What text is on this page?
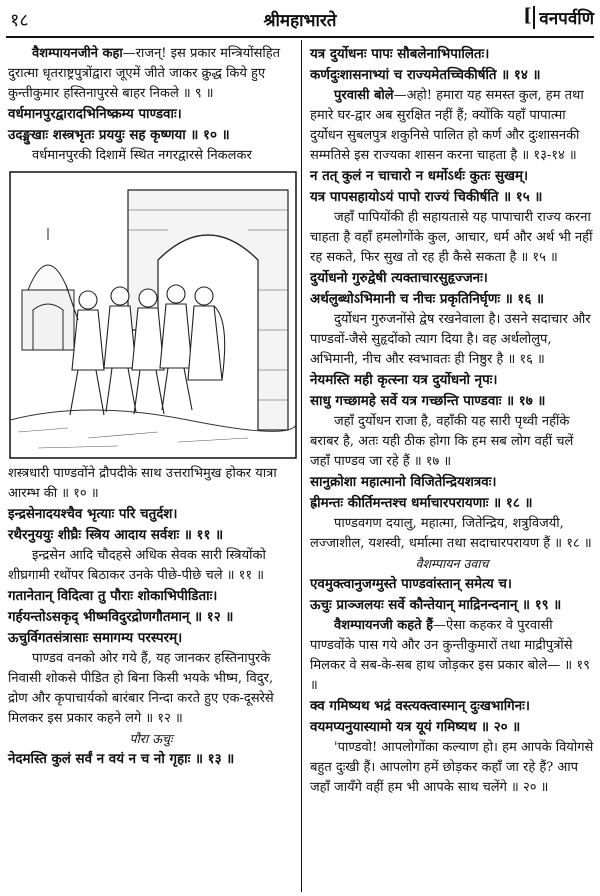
१८	श्रीमहाभारते
[	वनपर्वणि

वैशम्पायनजीने कहा—राजन्! इस प्रकार मन्त्रियोंसहित दुरात्मा धृतराष्ट्रपुत्रोंद्वारा जूएमें जीते जाकर क्रुद्ध किये हुए कुन्तीकुमार हस्तिनापुरसे बाहर निकले ॥ ९ ॥

वर्धमानपुरद्वारादभिनिष्क्रम्य पाण्डवाः।

उदङ्मुखाः शस्त्रभृतः प्रययुः सह कृष्णया ॥ १० ॥

वर्धमानपुरकी दिशामें स्थित नगरद्वारसे निकलकर

शस्त्रधारी पाण्डवोंने द्रौपदीके साथ उत्तराभिमुख होकर यात्रा आरम्भ की ॥ १० ॥

इन्द्रसेनादयश्चैव भृत्याः परि चतुर्दश।

रथैरनुययुः शीघ्रैः स्त्रिय आदाय सर्वशः ॥ ११ ॥

इन्द्रसेन आदि चौदहसे अधिक सेवक सारी स्त्रियोंको शीघ्रगामी रथोंपर बिठाकर उनके पीछे-पीछे चले ॥ ११ ॥

गतानेतान् विदित्वा तु पौराः शोकाभिपीडिताः।

गर्हयन्तोऽसकृद् भीष्मविदुरद्रोणगौतमान् ॥ १२ ॥

ऊचुर्विगतसंत्रासाः समागम्य परस्परम्।

पाण्डव वनको ओर गये हैं, यह जानकर हस्तिनापुरके निवासी शोकसे पीडित हो बिना किसी भयके भीष्म, विदुर, द्रोण और कृपाचार्यको बारंबार निन्दा करते हुए एक-दूसरेसे मिलकर इस प्रकार कहने लगे ॥ १२ ॥

पौरा ऊचुः

नेदमस्ति कुलं सर्वं न वयं न च नो गृहाः ॥ १३ ॥

यत्र दुर्योधनः पापः सौबलेनाभिपालितः।

कर्णदुःशासनाभ्यां च राज्यमेतच्चिकीर्षति ॥ १४ ॥

पुरवासी बोले—अहो! हमारा यह समस्त कुल, हम तथा हमारे घर-द्वार अब सुरक्षित नहीं हैं; क्योंकि यहाँ पापात्मा दुर्योधन सुबलपुत्र शकुनिसे पालित हो कर्ण और दुःशासनकी सम्मतिसे इस राज्यका शासन करना चाहता है ॥ १३-१४ ॥

न तत् कुलं न चाचारो न धर्मोऽर्थः कुतः सुखम्।

यत्र पापसहायोऽयं पापो राज्यं चिकीर्षति ॥ १५ ॥

जहाँ पापियोंकी ही सहायतासे यह पापाचारी राज्य करना चाहता है वहाँ हमलोगोंके कुल, आचार, धर्म और अर्थ भी नहीं रह सकते, फिर सुख तो रह ही कैसे सकता है ॥ १५ ॥

दुर्योधनो गुरुद्वेषी त्यक्ताचारसुहृज्जनः।

अर्थलुब्धोऽभिमानी च नीचः प्रकृतिनिर्घृणः ॥ १६ ॥

दुर्योधन गुरुजनोंसे द्वेष रखनेवाला है। उसने सदाचार और पाण्डवों-जैसे सुहृदोंको त्याग दिया है। वह अर्थलोलुप, अभिमानी, नीच और स्वभावतः ही निष्ठुर है ॥ १६ ॥

नेयमस्ति मही कृत्स्ना यत्र दुर्योधनो नृपः।

साधु गच्छामहे सर्वे यत्र गच्छन्ति पाण्डवाः ॥ १७ ॥

जहाँ दुर्योधन राजा है, वहाँकी यह सारी पृथ्वी नहींके बराबर है, अतः यही ठीक होगा कि हम सब लोग वहीं चलें जहाँ पाण्डव जा रहे हैं ॥ १७ ॥

सानुक्रोशा महात्मानो विजितेन्द्रियशत्रवः।

ह्रीमन्तः कीर्तिमन्तश्च धर्माचारपरायणाः ॥ १८ ॥

पाण्डवगण दयालु, महात्मा, जितेन्द्रिय, शत्रुविजयी, लज्जाशील, यशस्वी, धर्मात्मा तथा सदाचारपरायण हैं ॥ १८ ॥

वैशम्पायन उवाच

एवमुक्त्वानुजग्मुस्ते पाण्डवांस्तान् समेत्य च।

ऊचुः प्राञ्जलयः सर्वे कौन्तेयान् माद्रिनन्दनान् ॥ १९ ॥

वैशम्पायनजी कहते हैं—ऐसा कहकर वे पुरवासी पाण्डवोंके पास गये और उन कुन्तीकुमारों तथा माद्रीपुत्रोंसे मिलकर वे सब-के-सब हाथ जोड़कर इस प्रकार बोले— ॥ १९ ॥

क्व गमिष्यथ भद्रं वस्त्यक्त्वास्मान् दुःखभागिनः।

वयमप्यनुयास्यामो यत्र यूयं गमिष्यथ ॥ २० ॥

'पाण्डवो! आपलोगोंका कल्याण हो। हम आपके वियोगसे बहुत दुःखी हैं। आपलोग हमें छोड़कर कहाँ जा रहे हैं? आप जहाँ जायँगे वहीं हम भी आपके साथ चलेंगे ॥ २० ॥
